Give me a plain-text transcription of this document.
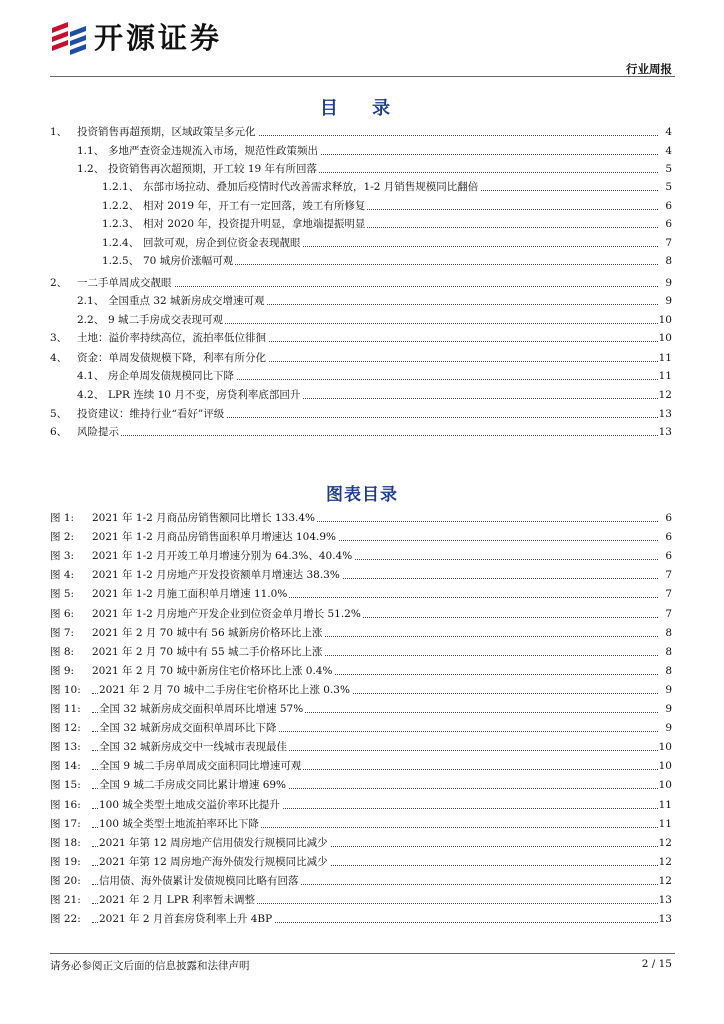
开源证券
行业周报
目 录
1、 投资销售再超预期，区域政策呈多元化	4
1.1、 多地严查资金违规流入市场，规范性政策频出	4
1.2、 投资销售再次超预期，开工较 19 年有所回落	5
1.2.1、 东部市场拉动、叠加后疫情时代改善需求释放，1-2 月销售规模同比翻倍	5
1.2.2、 相对 2019 年，开工有一定回落，竣工有所修复	6
1.2.3、 相对 2020 年，投资提升明显，拿地端提振明显	6
1.2.4、 回款可观，房企到位资金表现靓眼	7
1.2.5、 70 城房价涨幅可观	8
2、 一二手单周成交靓眼	9
2.1、 全国重点 32 城新房成交增速可观	9
2.2、 9 城二手房成交表现可观	10
3、 土地：溢价率持续高位，流拍率低位徘徊	10
4、 资金：单周发债规模下降，利率有所分化	11
4.1、 房企单周发债规模同比下降	11
4.2、 LPR 连续 10 月不变，房贷利率底部回升	12
5、 投资建议：维持行业“看好”评级	13
6、 风险提示	13
图表目录
图 1: 2021 年 1-2 月商品房销售额同比增长 133.4%	6
图 2: 2021 年 1-2 月商品房销售面积单月增速达 104.9%	6
图 3: 2021 年 1-2 月开竣工单月增速分别为 64.3%、40.4%	6
图 4: 2021 年 1-2 月房地产开发投资额单月增速达 38.3%	7
图 5: 2021 年 1-2 月施工面积单月增速 11.0%	7
图 6: 2021 年 1-2 月房地产开发企业到位资金单月增长 51.2%	7
图 7: 2021 年 2 月 70 城中有 56 城新房价格环比上涨	8
图 8: 2021 年 2 月 70 城中有 55 城二手价格环比上涨	8
图 9: 2021 年 2 月 70 城中新房住宅价格环比上涨 0.4%	8
图 10: 2021 年 2 月 70 城中二手房住宅价格环比上涨 0.3%	9
图 11: 全国 32 城新房成交面积单周环比增速 57%	9
图 12: 全国 32 城新房成交面积单周环比下降	9
图 13: 全国 32 城新房成交中一线城市表现最佳	10
图 14: 全国 9 城二手房单周成交面积同比增速可观	10
图 15: 全国 9 城二手房成交同比累计增速 69%	10
图 16: 100 城全类型土地成交溢价率环比提升	11
图 17: 100 城全类型土地流拍率环比下降	11
图 18: 2021 年第 12 周房地产信用债发行规模同比减少	12
图 19: 2021 年第 12 周房地产海外债发行规模同比减少	12
图 20: 信用债、海外债累计发债规模同比略有回落	12
图 21: 2021 年 2 月 LPR 利率暂未调整	13
图 22: 2021 年 2 月首套房贷利率上升 4BP	13
请务必参阅正文后面的信息披露和法律声明	2 / 15
